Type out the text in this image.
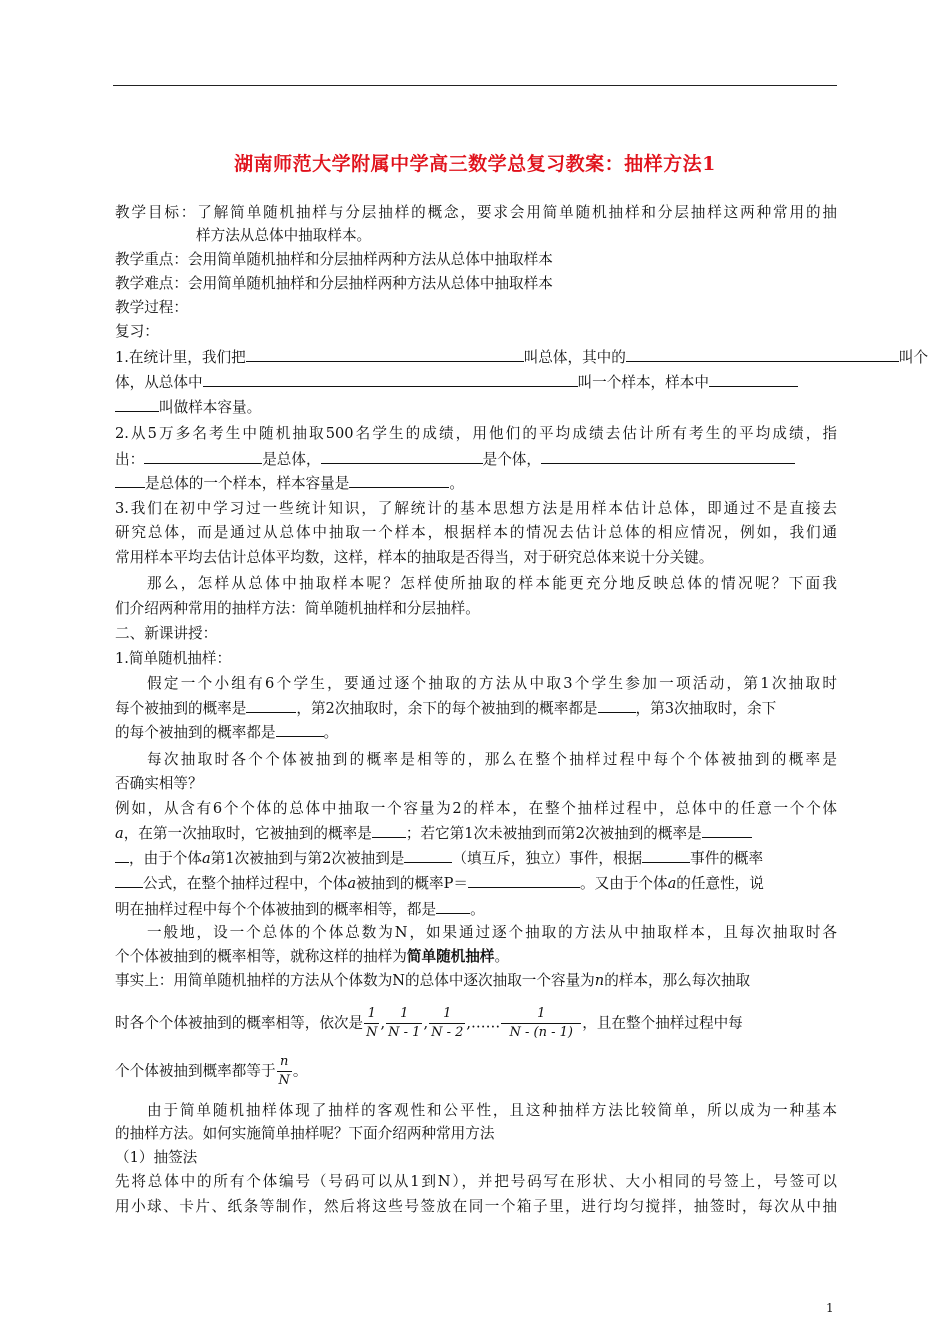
湖南师范大学附属中学高三数学总复习教案：抽样方法1
教学目标：了解简单随机抽样与分层抽样的概念，要求会用简单随机抽样和分层抽样这两种常用的抽
样方法从总体中抽取样本。
教学重点：会用简单随机抽样和分层抽样两种方法从总体中抽取样本
教学难点：会用简单随机抽样和分层抽样两种方法从总体中抽取样本
教学过程：
复习：
1.在统计里，我们把	叫总体，其中的	叫个
体，从总体中	叫一个样本，样本中
叫做样本容量。
2.从5万多名考生中随机抽取500名学生的成绩，用他们的平均成绩去估计所有考生的平均成绩，指
出：	是总体，	是个体，
是总体的一个样本，样本容量是	。
3.我们在初中学习过一些统计知识，了解统计的基本思想方法是用样本估计总体，即通过不是直接去
研究总体，而是通过从总体中抽取一个样本，根据样本的情况去估计总体的相应情况，例如，我们通
常用样本平均去估计总体平均数，这样，样本的抽取是否得当，对于研究总体来说十分关键。
那么，怎样从总体中抽取样本呢？怎样使所抽取的样本能更充分地反映总体的情况呢？下面我
们介绍两种常用的抽样方法：简单随机抽样和分层抽样。
二、新课讲授：
1.简单随机抽样：
假定一个小组有6个学生，要通过逐个抽取的方法从中取3个学生参加一项活动，第1次抽取时
每个被抽到的概率是	，第2次抽取时，余下的每个被抽到的概率都是	，第3次抽取时，余下
的每个被抽到的概率都是	。
每次抽取时各个个体被抽到的概率是相等的，那么在整个抽样过程中每个个体被抽到的概率是
否确实相等？
例如，从含有6个个体的总体中抽取一个容量为2的样本，在整个抽样过程中，总体中的任意一个个体
a，在第一次抽取时，它被抽到的概率是 ；若它第1次未被抽到而第2次被抽到的概率是
，由于个体a第1次被抽到与第2次被抽到是	（填互斥，独立）事件，根据	事件的概率
公式，在整个抽样过程中，个体a被抽到的概率P＝	。又由于个体a的任意性，说
明在抽样过程中每个个体被抽到的概率相等，都是 。
一般地，设一个总体的个体总数为N，如果通过逐个抽取的方法从中抽取样本，且每次抽取时各
个个体被抽到的概率相等，就称这样的抽样为简单随机抽样。
事实上：用简单随机抽样的方法从个体数为N的总体中逐次抽取一个容量为n的样本，那么每次抽取
时各个个体被抽到的概率相等，依次是 $\frac{1}{N}$ , $\frac{1}{N - 1}$ , $\frac{1}{N - 2}$ ,…… $\frac{1}{N - (n - 1)}$ ，且在整个抽样过程中每
个个体被抽到概率都等于 $\frac{n}{N}$ 。
由于简单随机抽样体现了抽样的客观性和公平性，且这种抽样方法比较简单，所以成为一种基本
的抽样方法。如何实施简单抽样呢？下面介绍两种常用方法
（1）抽签法
先将总体中的所有个体编号（号码可以从1到N），并把号码写在形状、大小相同的号签上，号签可以
用小球、卡片、纸条等制作，然后将这些号签放在同一个箱子里，进行均匀搅拌，抽签时，每次从中抽
1
